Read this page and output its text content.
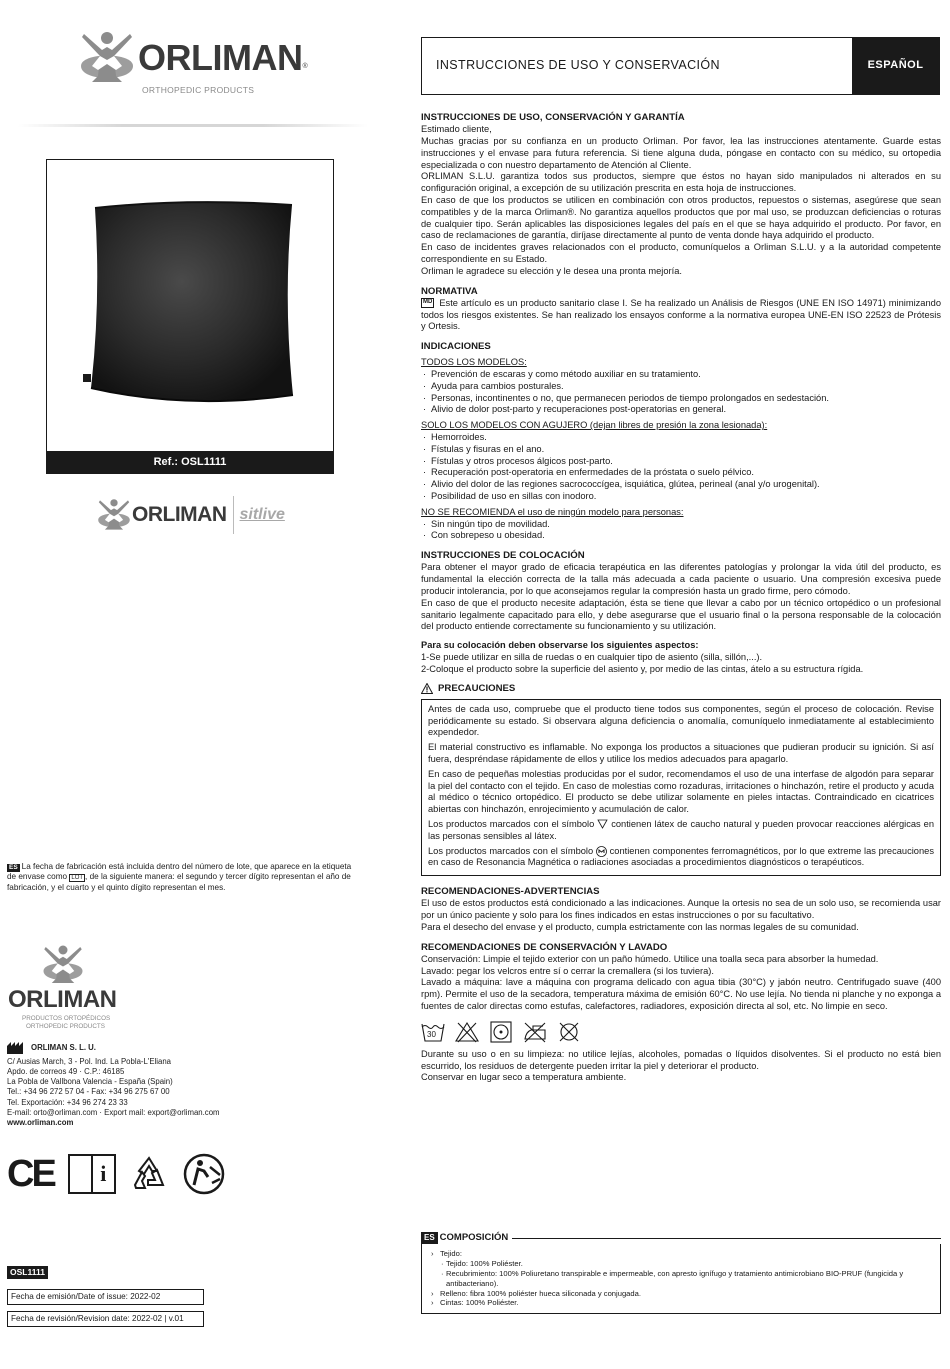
ORLIMAN ®
ORTHOPEDIC PRODUCTS
INSTRUCCIONES DE USO Y CONSERVACIÓN	ESPAÑOL
Ref.: OSL1111
ORLIMAN sitlive
ES La fecha de fabricación está incluida dentro del número de lote, que aparece en la etiqueta de envase como LOT , de la siguiente manera: el segundo y tercer dígito representan el año de fabricación, y el cuarto y el quinto dígito representan el mes.
ORLIMAN
PRODUCTOS ORTOPÉDICOS
ORTHOPEDIC PRODUCTS
ORLIMAN S. L. U.
C/ Ausias March, 3 - Pol. Ind. La Pobla-L'Eliana
Apdo. de correos 49 · C.P.: 46185
La Pobla de Vallbona Valencia - España (Spain)
Tel.: +34 96 272 57 04 - Fax: +34 96 275 67 00
Tel. Exportación: +34 96 274 23 33
E-mail: orto@orliman.com · Export mail: export@orliman.com
www.orliman.com
CE i
OSL1111
Fecha de emisión/Date of issue: 2022-02
Fecha de revisión/Revision date: 2022-02 | v.01
INSTRUCCIONES DE USO, CONSERVACIÓN Y GARANTÍA

Estimado cliente,

Muchas gracias por su confianza en un producto Orliman. Por favor, lea las instrucciones atentamente. Guarde estas instrucciones y el envase para futura referencia. Si tiene alguna duda, póngase en contacto con su médico, su ortopedia especializada o con nuestro departamento de Atención al Cliente.

ORLIMAN S.L.U. garantiza todos sus productos, siempre que éstos no hayan sido manipulados ni alterados en su configuración original, a excepción de su utilización prescrita en esta hoja de instrucciones.

En caso de que los productos se utilicen en combinación con otros productos, repuestos o sistemas, asegúrese que sean compatibles y de la marca Orliman®. No garantiza aquellos productos que por mal uso, se produzcan deficiencias o roturas de cualquier tipo. Serán aplicables las disposiciones legales del país en el que se haya adquirido el producto. Por favor, en caso de reclamaciones de garantía, diríjase directamente al punto de venta donde haya adquirido el producto.

En caso de incidentes graves relacionados con el producto, comuníquelos a Orliman S.L.U. y a la autoridad competente correspondiente en su Estado.

Orliman le agradece su elección y le desea una pronta mejoría.

NORMATIVA

MD Este artículo es un producto sanitario clase I. Se ha realizado un Análisis de Riesgos (UNE EN ISO 14971) minimizando todos los riesgos existentes. Se han realizado los ensayos conforme a la normativa europea UNE-EN ISO 22523 de Prótesis y Ortesis.

INDICACIONES
TODOS LOS MODELOS:
· Prevención de escaras y como método auxiliar en su tratamiento.
· Ayuda para cambios posturales.
· Personas, incontinentes o no, que permanecen periodos de tiempo prolongados en sedestación.
· Alivio de dolor post-parto y recuperaciones post-operatorias en general.
SOLO LOS MODELOS CON AGUJERO (dejan libres de presión la zona lesionada):
· Hemorroides.
· Fístulas y fisuras en el ano.
· Fístulas y otros procesos álgicos post-parto.
· Recuperación post-operatoria en enfermedades de la próstata o suelo pélvico.
· Alivio del dolor de las regiones sacrococcígea, isquiática, glútea, perineal (anal y/o urogenital).
· Posibilidad de uso en sillas con inodoro.
NO SE RECOMIENDA el uso de ningún modelo para personas:
· Sin ningún tipo de movilidad.
· Con sobrepeso u obesidad.
INSTRUCCIONES DE COLOCACIÓN

Para obtener el mayor grado de eficacia terapéutica en las diferentes patologías y prolongar la vida útil del producto, es fundamental la elección correcta de la talla más adecuada a cada paciente o usuario. Una compresión excesiva puede producir intolerancia, por lo que aconsejamos regular la compresión hasta un grado firme, pero cómodo.

En caso de que el producto necesite adaptación, ésta se tiene que llevar a cabo por un técnico ortopédico o un profesional sanitario legalmente capacitado para ello, y debe asegurarse que el usuario final o la persona responsable de la colocación del producto entiende correctamente su funcionamiento y su utilización.

Para su colocación deben observarse los siguientes aspectos:

1-Se puede utilizar en silla de ruedas o en cualquier tipo de asiento (silla, sillón,...).

2-Coloque el producto sobre la superficie del asiento y, por medio de las cintas, átelo a su estructura rígida.

PRECAUCIONES

Antes de cada uso, compruebe que el producto tiene todos sus componentes, según el proceso de colocación. Revise periódicamente su estado. Si observara alguna deficiencia o anomalía, comuníquelo inmediatamente al establecimiento expendedor.

El material constructivo es inflamable. No exponga los productos a situaciones que pudieran producir su ignición. Si así fuera, despréndase rápidamente de ellos y utilice los medios adecuados para apagarlo.

En caso de pequeñas molestias producidas por el sudor, recomendamos el uso de una interfase de algodón para separar la piel del contacto con el tejido. En caso de molestias como rozaduras, irritaciones o hinchazón, retire el producto y acuda al médico o técnico ortopédico. El producto se debe utilizar solamente en pieles intactas. Contraindicado en cicatrices abiertas con hinchazón, enrojecimiento y acumulación de calor.

Los productos marcados con el símbolo contienen látex de caucho natural y pueden provocar reacciones alérgicas en las personas sensibles al látex.

Los productos marcados con el símbolo contienen componentes ferromagnéticos, por lo que extreme las precauciones en caso de Resonancia Magnética o radiaciones asociadas a procedimientos diagnósticos o terapéuticos.

RECOMENDACIONES-ADVERTENCIAS

El uso de estos productos está condicionado a las indicaciones. Aunque la ortesis no sea de un solo uso, se recomienda usar por un único paciente y solo para los fines indicados en estas instrucciones o por su facultativo.

Para el desecho del envase y el producto, cumpla estrictamente con las normas legales de su comunidad.

RECOMENDACIONES DE CONSERVACIÓN Y LAVADO

Conservación: Limpie el tejido exterior con un paño húmedo. Utilice una toalla seca para absorber la humedad.

Lavado: pegar los velcros entre sí o cerrar la cremallera (si los tuviera).

Lavado a máquina: lave a máquina con programa delicado con agua tibia (30°C) y jabón neutro. Centrifugado suave (400 rpm). Permite el uso de la secadora, temperatura máxima de emisión 60°C. No use lejía. No tienda ni planche y no exponga a fuentes de calor directas como estufas, calefactores, radiadores, exposición directa al sol, etc. No limpie en seco.

30

Durante su uso o en su limpieza: no utilice lejías, alcoholes, pomadas o líquidos disolventes. Si el producto no está bien escurrido, los residuos de detergente pueden irritar la piel y deteriorar el producto.

Conservar en lugar seco a temperatura ambiente.

ES COMPOSICIÓN
› Tejido:
· Tejido: 100% Poliéster.
· Recubrimiento: 100% Poliuretano transpirable e impermeable, con apresto ignífugo y tratamiento antimicrobiano BIO-PRUF (fungicida y antibacteriano).
› Relleno: fibra 100% poliéster hueca siliconada y conjugada.
› Cintas: 100% Poliéster.
